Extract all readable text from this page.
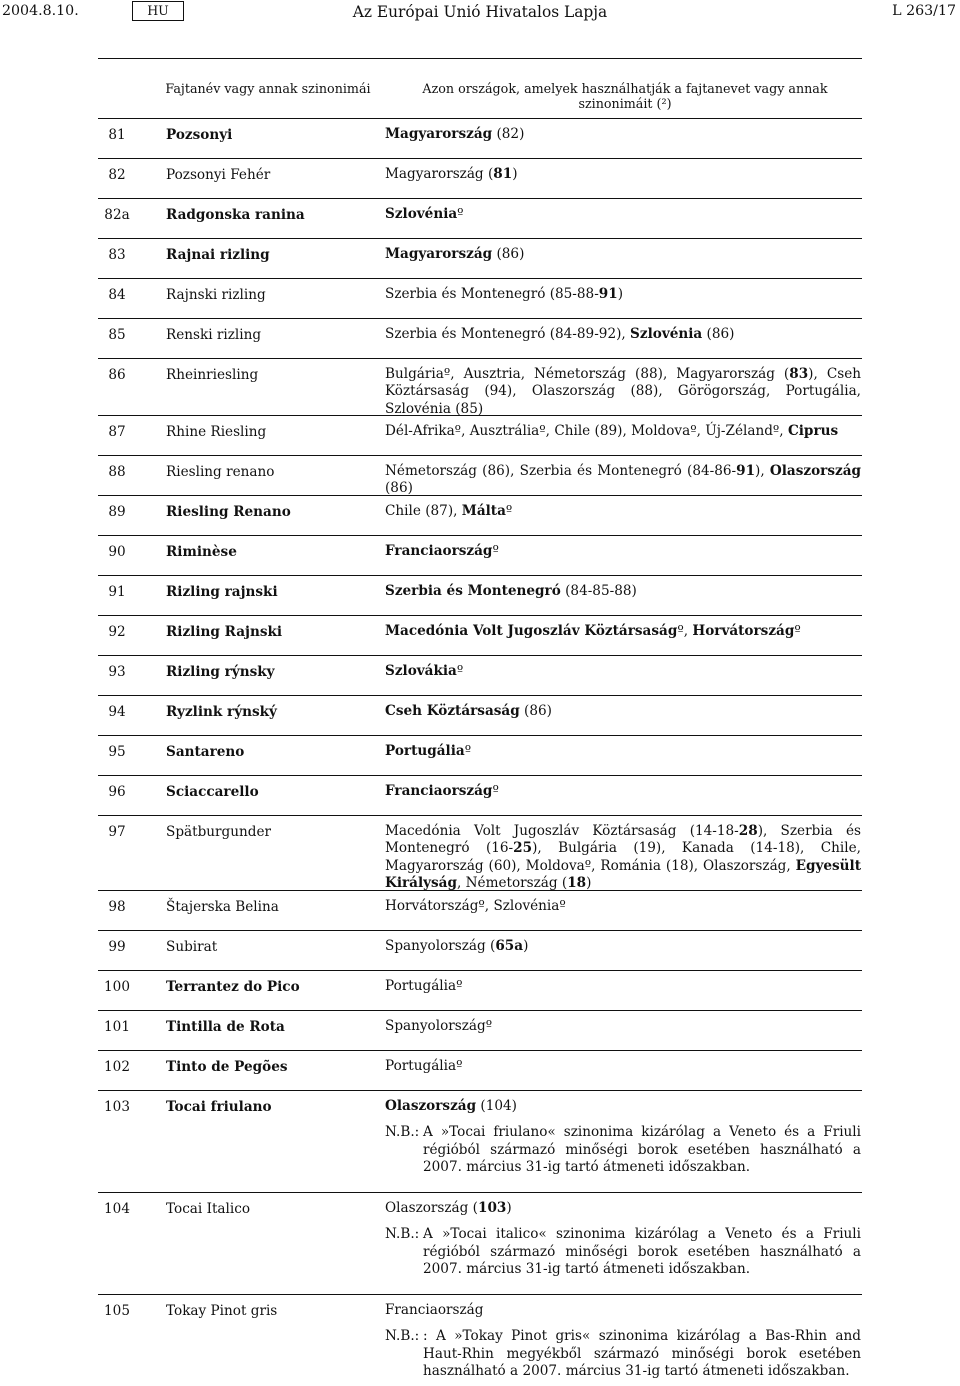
2004.8.10.	HU	Az Európai Unió Hivatalos Lapja	L 263/17
Fajtanév vagy annak szinonimái	Azon országok, amelyek használhatják a fajtanevet vagy annak szinonimáit (²)
81	Pozsonyi	Magyarország (82)
82	Pozsonyi Fehér	Magyarország (81)
82a	Radgonska ranina	Szlovéniaº
83	Rajnai rizling	Magyarország (86)
84	Rajnski rizling	Szerbia és Montenegró (85-88-91)
85	Renski rizling	Szerbia és Montenegró (84-89-92), Szlovénia (86)
86	Rheinriesling	Bulgáriaº, Ausztria, Németország (88), Magyarország (83), Cseh Köztársaság (94), Olaszország (88), Görögország, Portugália, Szlovénia (85)
87	Rhine Riesling	Dél-Afrikaº, Ausztráliaº, Chile (89), Moldovaº, Új-Zélandº, Ciprus
88	Riesling renano	Németország (86), Szerbia és Montenegró (84-86-91), Olaszország (86)
89	Riesling Renano	Chile (87), Máltaº
90	Riminèse	Franciaországº
91	Rizling rajnski	Szerbia és Montenegró (84-85-88)
92	Rizling Rajnski	Macedónia Volt Jugoszláv Köztársaságº, Horvátországº
93	Rizling rýnsky	Szlovákiaº
94	Ryzlink rýnský	Cseh Köztársaság (86)
95	Santareno	Portugáliaº
96	Sciaccarello	Franciaországº
97	Spätburgunder	Macedónia Volt Jugoszláv Köztársaság (14-18-28), Szerbia és Montenegró (16-25), Bulgária (19), Kanada (14-18), Chile, Magyarország (60), Moldovaº, Románia (18), Olaszország, Egyesült Királyság, Németország (18)
98	Štajerska Belina	Horvátországº, Szlovéniaº
99	Subirat	Spanyolország (65a)
100	Terrantez do Pico	Portugáliaº
101	Tintilla de Rota	Spanyolországº
102	Tinto de Pegões	Portugáliaº
103	Tocai friulano	Olaszország (104)
N.B.: A »Tocai friulano« szinonima kizárólag a Veneto és a Friuli régióból származó minőségi borok esetében használható a 2007. március 31-ig tartó átmeneti időszakban.
104	Tocai Italico	Olaszország (103)
N.B.: A »Tocai italico« szinonima kizárólag a Veneto és a Friuli régióból származó minőségi borok esetében használható a 2007. március 31-ig tartó átmeneti időszakban.
105	Tokay Pinot gris	Franciaország
N.B.: : A »Tokay Pinot gris« szinonima kizárólag a Bas-Rhin and Haut-Rhin megyékből származó minőségi borok esetében használható a 2007. március 31-ig tartó átmeneti időszakban.
